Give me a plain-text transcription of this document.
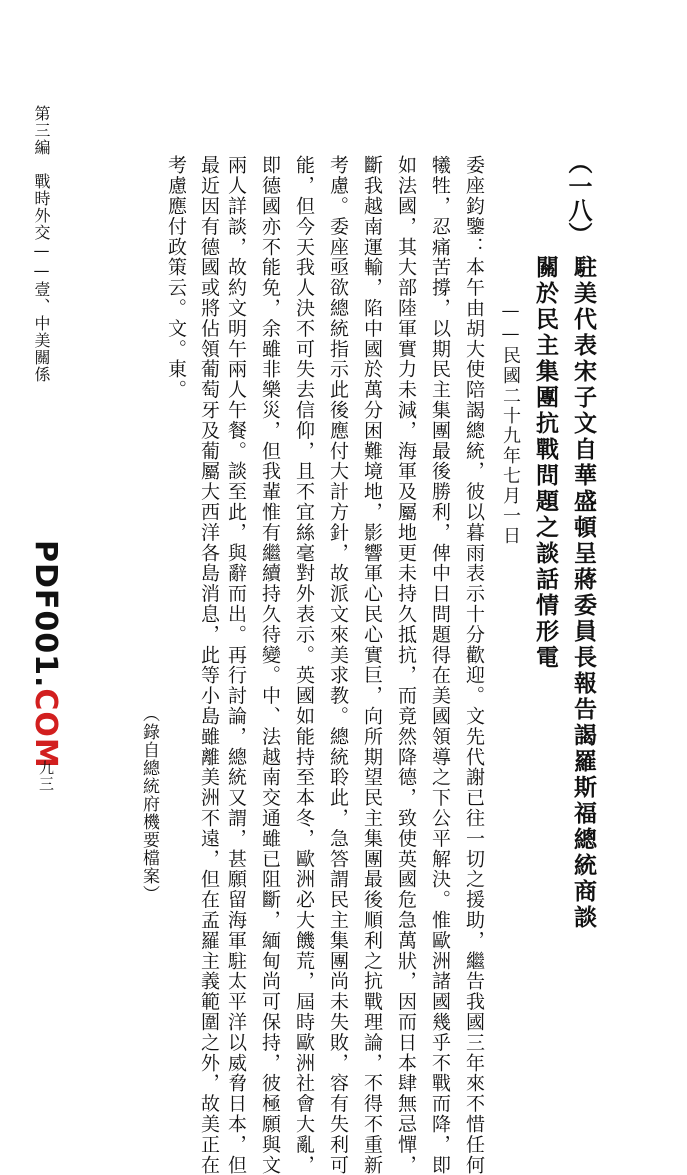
（一八）
駐美代表宋子文自華盛頓呈蔣委員長報告謁羅斯福總統商談
關於民主集團抗戰問題之談話情形電
——民國二十九年七月一日
委座鈞鑒：本午由胡大使陪謁總統，彼以暮雨表示十分歡迎。文先代謝已往一切之援助，繼告我國三年來不惜任何
犧牲，忍痛苦撐，以期民主集團最後勝利，俾中日問題得在美國領導之下公平解決。惟歐洲諸國幾乎不戰而降，即
如法國，其大部陸軍實力未減，海軍及屬地更未持久抵抗，而竟然降德，致使英國危急萬狀，因而日本肆無忌憚，
斷我越南運輸，陷中國於萬分困難境地，影響軍心民心實巨，向所期望民主集團最後順利之抗戰理論，不得不重新
考慮。委座亟欲總統指示此後應付大計方針，故派文來美求教。總統聆此，急答謂民主集團尚未失敗，容有失利可
能，但今天我人決不可失去信仰，且不宜絲毫對外表示。英國如能持至本冬，歐洲必大饑荒，屆時歐洲社會大亂，
即德國亦不能免，余雖非樂災，但我輩惟有繼續持久待變。中、法越南交通雖已阻斷，緬甸尚可保持，彼極願與文
兩人詳談，故約文明午兩人午餐。談至此，與辭而出。再行討論，總統又謂，甚願留海軍駐太平洋以威脅日本，但
最近因有德國或將佔領葡萄牙及葡屬大西洋各島消息，此等小島雖離美洲不遠，但在孟羅主義範圍之外，故美正在
考慮應付政策云。文。東。
（錄自總統府機要檔案）
第三編　戰時外交——壹、中美關係
PDF001.COM
九三
